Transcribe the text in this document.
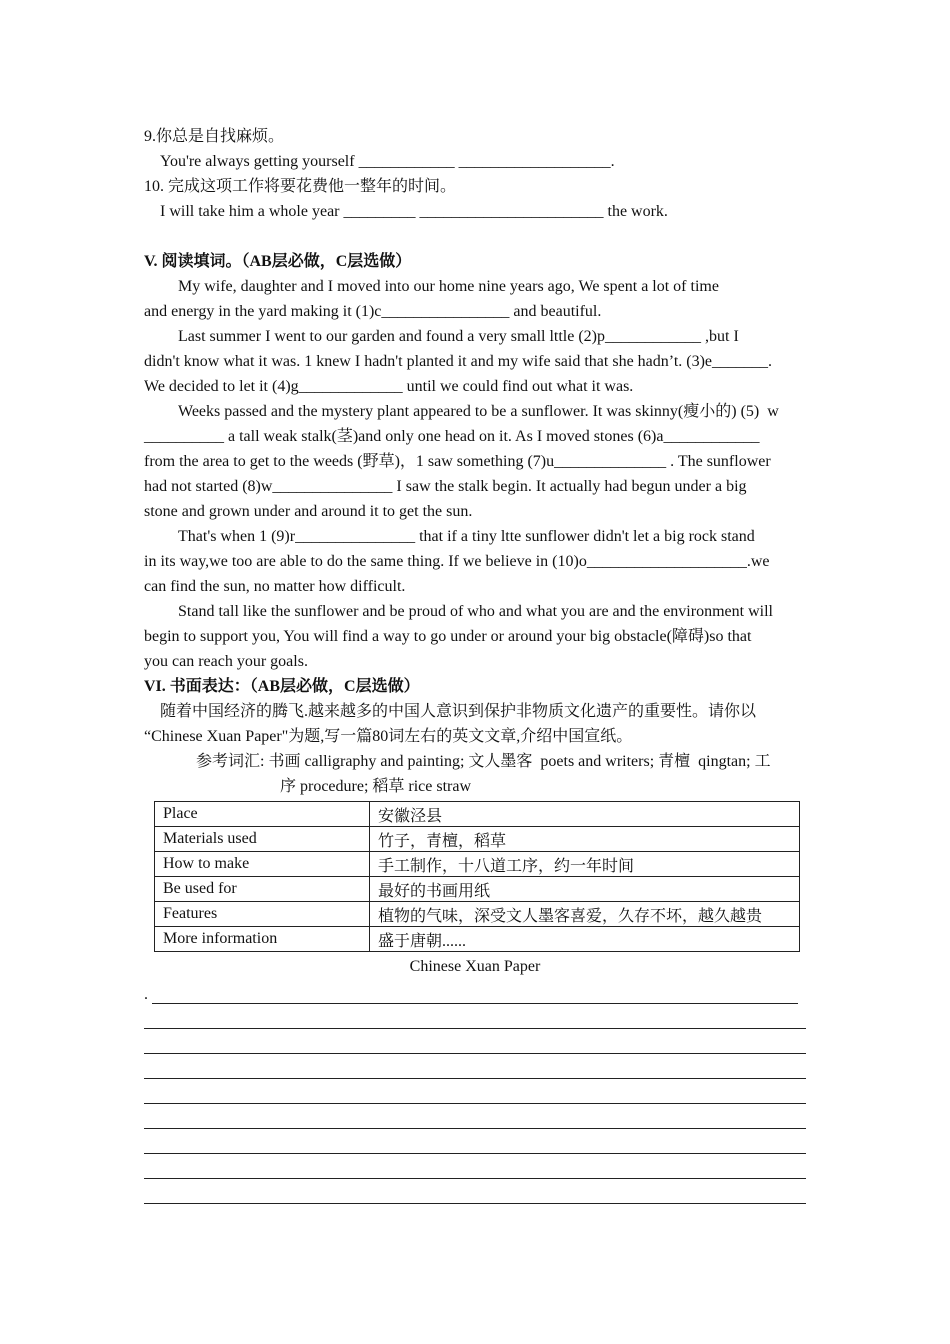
9.你总是自找麻烦。
You're always getting yourself ____________ ___________________.
10. 完成这项工作将要花费他一整年的时间。
I will take him a whole year _________ _______________________ the work.
V. 阅读填词。（AB层必做，C层选做）
My wife, daughter and I moved into our home nine years ago, We spent a lot of time
and energy in the yard making it (1)c________________ and beautiful.
Last summer I went to our garden and found a very small lttle (2)p____________ ,but I
didn't know what it was. 1 knew I hadn't planted it and my wife said that she hadn’t. (3)e_______.
We decided to let it (4)g_____________ until we could find out what it was.
Weeks passed and the mystery plant appeared to be a sunflower. It was skinny(瘦小的) (5)  w
__________ a tall weak stalk(茎)and only one head on it. As I moved stones (6)a____________
from the area to get to the weeds (野草)，1 saw something (7)u______________ . The sunflower
had not started (8)w_______________ I saw the stalk begin. It actually had begun under a big
stone and grown under and around it to get the sun.
That's when 1 (9)r_______________ that if a tiny ltte sunflower didn't let a big rock stand
in its way,we too are able to do the same thing. If we believe in (10)o____________________.we
can find the sun, no matter how difficult.
Stand tall like the sunflower and be proud of who and what you are and the environment will
begin to support you, You will find a way to go under or around your big obstacle(障碍)so that
you can reach your goals.
VI. 书面表达：（AB层必做，C层选做）
随着中国经济的腾飞.越来越多的中国人意识到保护非物质文化遗产的重要性。请你以
“Chinese Xuan Paper"为题,写一篇80词左右的英文文章,介绍中国宣纸。
参考词汇: 书画 calligraphy and painting; 文人墨客  poets and writers; 青檀  qingtan; 工
序 procedure; 稻草 rice straw
Place	安徽泾县
Materials used	竹子，青檀，稻草
How to make	手工制作，十八道工序，约一年时间
Be used for	最好的书画用纸
Features	植物的气味，深受文人墨客喜爱，久存不坏，越久越贵
More information	盛于唐朝......
Chinese Xuan Paper
.
